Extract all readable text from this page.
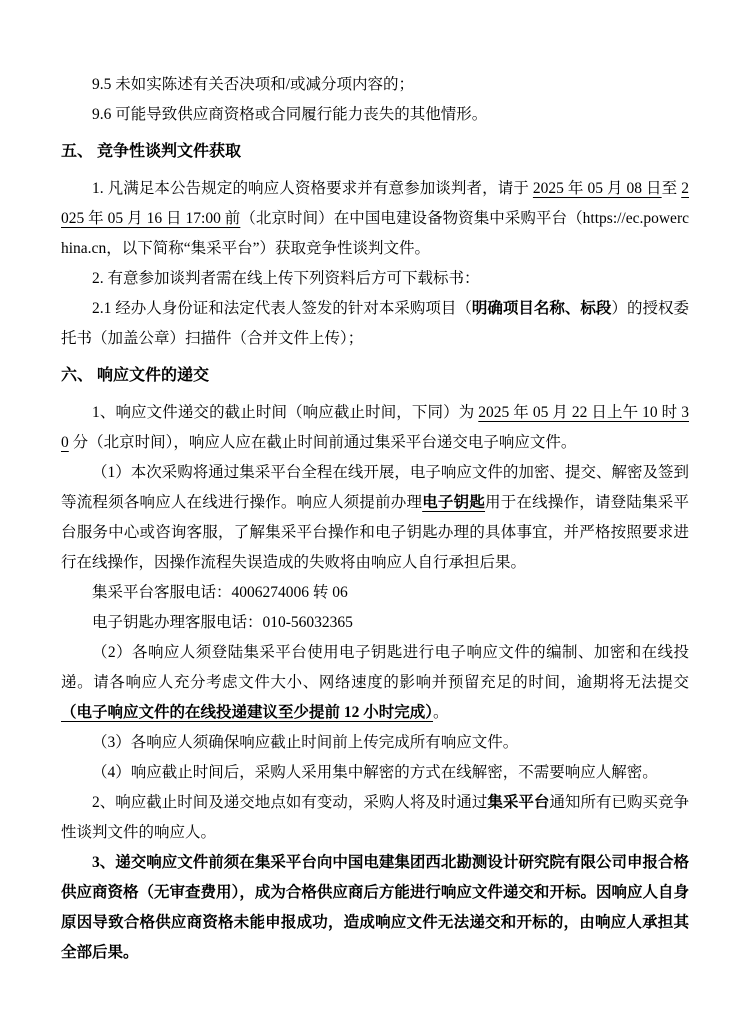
9.5 未如实陈述有关否决项和/或减分项内容的；

9.6 可能导致供应商资格或合同履行能力丧失的其他情形。

五、 竞争性谈判文件获取

1. 凡满足本公告规定的响应人资格要求并有意参加谈判者，请于 2025 年 05 月 08 日至 2025 年 05 月 16 日 17:00 前（北京时间）在中国电建设备物资集中采购平台（https://ec.powerchina.cn，以下简称“集采平台”）获取竞争性谈判文件。

2. 有意参加谈判者需在线上传下列资料后方可下载标书：

2.1 经办人身份证和法定代表人签发的针对本采购项目（明确项目名称、标段）的授权委托书（加盖公章）扫描件（合并文件上传）；

六、 响应文件的递交

1、响应文件递交的截止时间（响应截止时间，下同）为 2025 年 05 月 22 日上午 10 时 30 分（北京时间），响应人应在截止时间前通过集采平台递交电子响应文件。

（1）本次采购将通过集采平台全程在线开展，电子响应文件的加密、提交、解密及签到等流程须各响应人在线进行操作。响应人须提前办理电子钥匙用于在线操作，请登陆集采平台服务中心或咨询客服，了解集采平台操作和电子钥匙办理的具体事宜，并严格按照要求进行在线操作，因操作流程失误造成的失败将由响应人自行承担后果。

集采平台客服电话：4006274006 转 06

电子钥匙办理客服电话：010-56032365

（2）各响应人须登陆集采平台使用电子钥匙进行电子响应文件的编制、加密和在线投递。请各响应人充分考虑文件大小、网络速度的影响并预留充足的时间，逾期将无法提交（电子响应文件的在线投递建议至少提前 12 小时完成）。

（3）各响应人须确保响应截止时间前上传完成所有响应文件。

（4）响应截止时间后，采购人采用集中解密的方式在线解密，不需要响应人解密。

2、响应截止时间及递交地点如有变动，采购人将及时通过集采平台通知所有已购买竞争性谈判文件的响应人。

3、递交响应文件前须在集采平台向中国电建集团西北勘测设计研究院有限公司申报合格供应商资格（无审查费用），成为合格供应商后方能进行响应文件递交和开标。因响应人自身原因导致合格供应商资格未能申报成功，造成响应文件无法递交和开标的，由响应人承担其全部后果。
